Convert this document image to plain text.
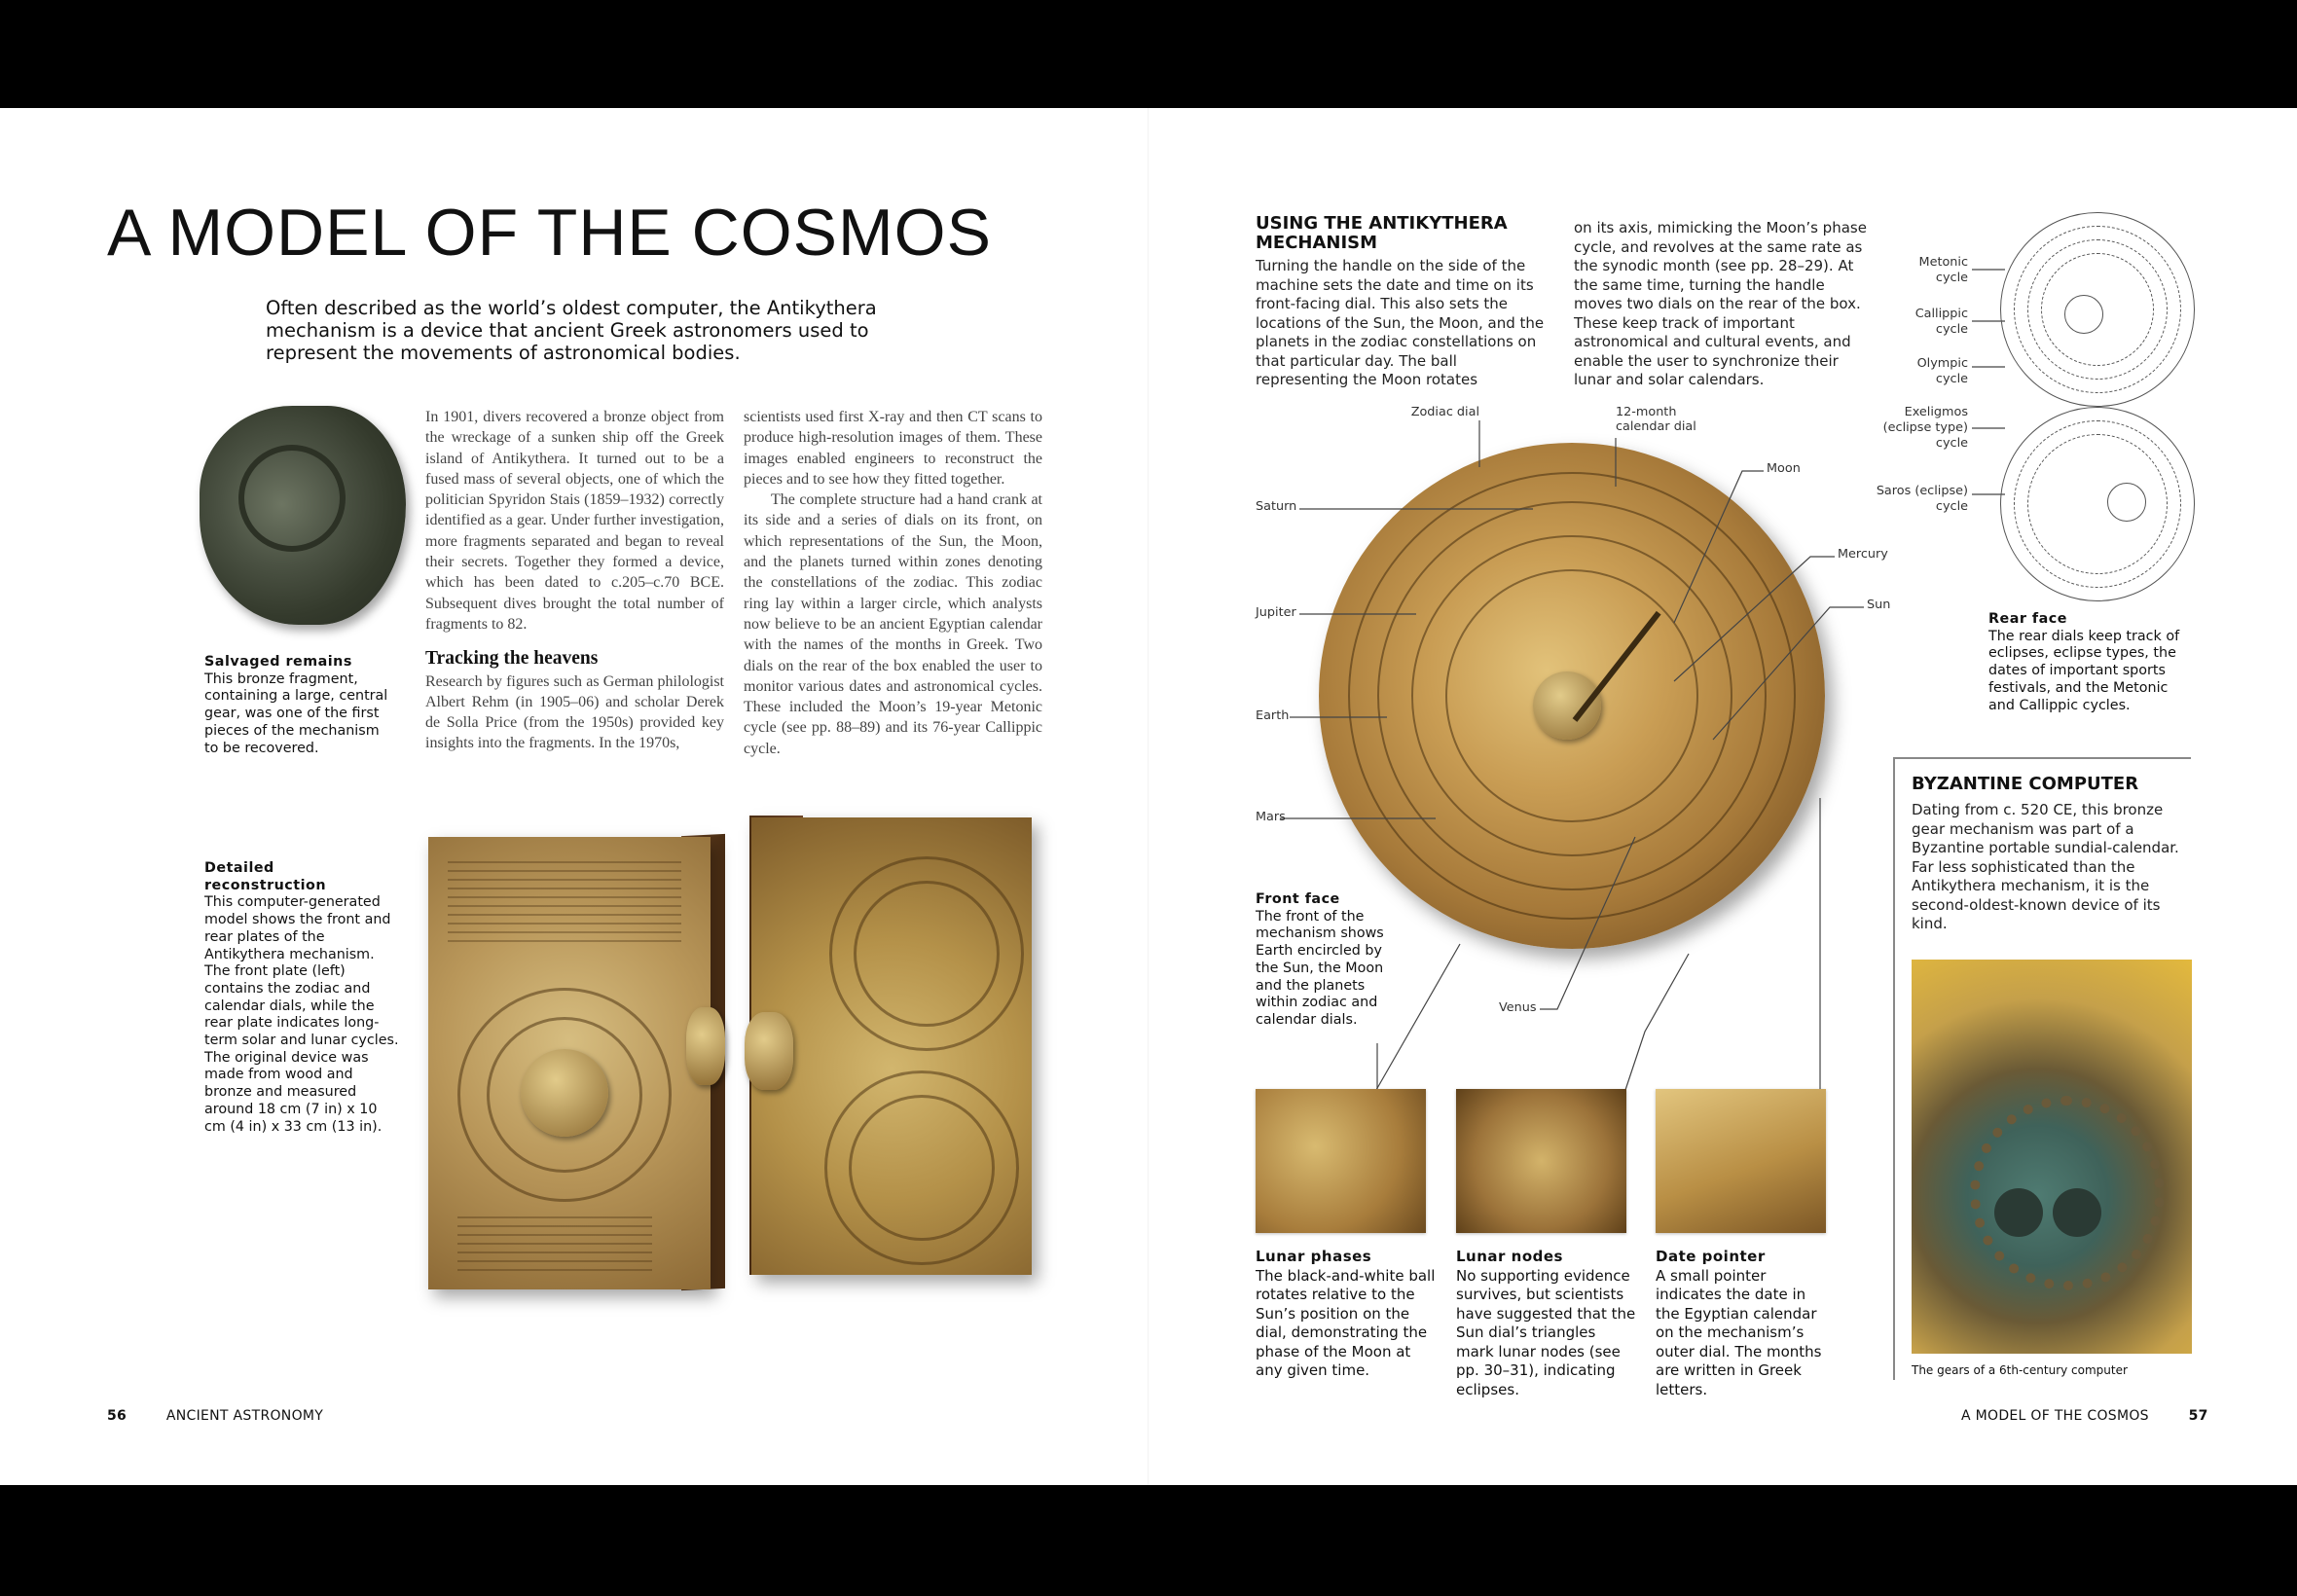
A MODEL OF THE COSMOS
Often described as the world’s oldest computer, the Antikythera mechanism is a device that ancient Greek astronomers used to represent the movements of astronomical bodies.
Salvaged remains
This bronze fragment, containing a large, central gear, was one of the first pieces of the mechanism to be recovered.

In 1901, divers recovered a bronze object from the wreckage of a sunken ship off the Greek island of Antikythera. It turned out to be a fused mass of several objects, one of which the politician Spyridon Stais (1859–1932) correctly identified as a gear. Under further investigation, more fragments separated and began to reveal their secrets. Together they formed a device, which has been dated to c.205–c.70 BCE. Subsequent dives brought the total number of fragments to 82.

Tracking the heavens

Research by figures such as German philologist Albert Rehm (in 1905–06) and scholar Derek de Solla Price (from the 1950s) provided key insights into the fragments. In the 1970s,

scientists used first X-ray and then CT scans to produce high-resolution images of them. These images enabled engineers to reconstruct the pieces and to see how they fitted together.

The complete structure had a hand crank at its side and a series of dials on its front, on which representations of the Sun, the Moon, and the planets turned within zones denoting the constellations of the zodiac. This zodiac ring lay within a larger circle, which analysts now believe to be an ancient Egyptian calendar with the names of the months in Greek. Two dials on the rear of the box enabled the user to monitor various dates and astronomical cycles. These included the Moon’s 19-year Metonic cycle (see pp. 88–89) and its 76-year Callippic cycle.

Detailed reconstruction
This computer-generated model shows the front and rear plates of the Antikythera mechanism. The front plate (left) contains the zodiac and calendar dials, while the rear plate indicates long-term solar and lunar cycles. The original device was made from wood and bronze and measured around 18 cm (7 in) x 10 cm (4 in) x 33 cm (13 in).
56	ANCIENT ASTRONOMY
USING THE ANTIKYTHERA MECHANISM
Turning the handle on the side of the machine sets the date and time on its front-facing dial. This also sets the locations of the Sun, the Moon, and the planets in the zodiac constellations on that particular day. The ball representing the Moon rotates
on its axis, mimicking the Moon’s phase cycle, and revolves at the same rate as the synodic month (see pp. 28–29). At the same time, turning the handle moves two dials on the rear of the box. These keep track of important astronomical and cultural events, and enable the user to synchronize their lunar and solar calendars.
Zodiac dial	12-month calendar dial
Moon
Mercury
Sun
Saturn
Jupiter
Earth
Mars
Venus
Front face
The front of the mechanism shows Earth encircled by the Sun, the Moon and the planets within zodiac and calendar dials.
Metonic cycle
Callippic cycle
Olympic cycle
Exeligmos (eclipse type) cycle
Saros (eclipse) cycle
Rear face
The rear dials keep track of eclipses, eclipse types, the dates of important sports festivals, and the Metonic and Callippic cycles.
Lunar phases
The black-and-white ball rotates relative to the Sun’s position on the dial, demonstrating the phase of the Moon at any given time.
Lunar nodes
No supporting evidence survives, but scientists have suggested that the Sun dial’s triangles mark lunar nodes (see pp. 30–31), indicating eclipses.
Date pointer
A small pointer indicates the date in the Egyptian calendar on the mechanism’s outer dial. The months are written in Greek letters.
BYZANTINE COMPUTER
Dating from c. 520 CE, this bronze gear mechanism was part of a Byzantine portable sundial-calendar. Far less sophisticated than the Antikythera mechanism, it is the second-oldest-known device of its kind.
The gears of a 6th-century computer
A MODEL OF THE COSMOS	57
